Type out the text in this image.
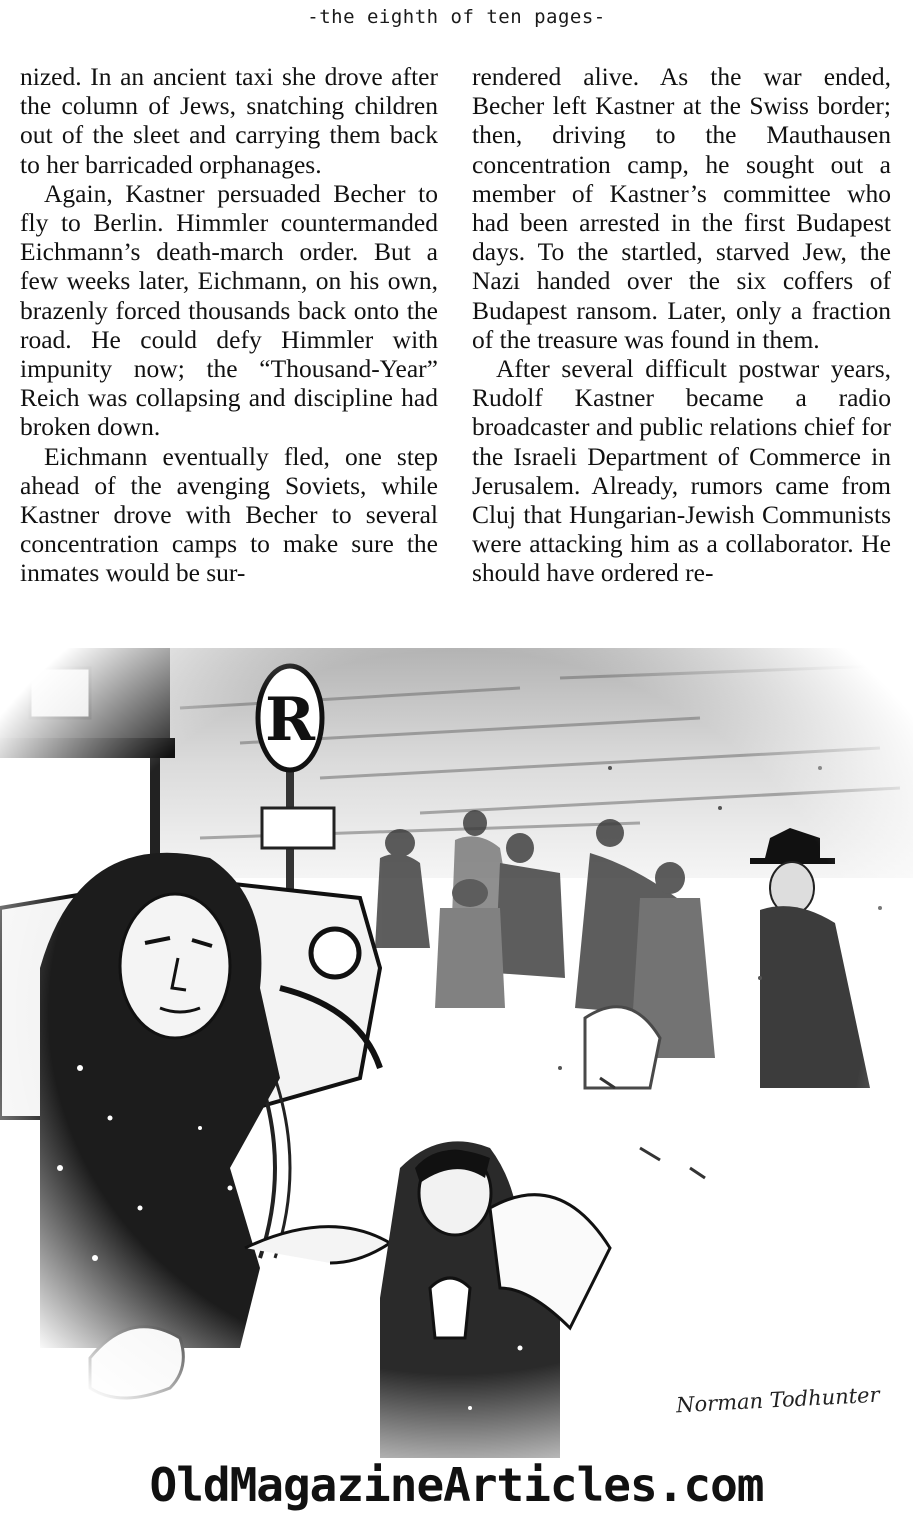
-the eighth of ten pages-

nized. In an ancient taxi she drove after the column of Jews, snatching children out of the sleet and carrying them back to her barricaded orphanages.

Again, Kastner persuaded Becher to fly to Berlin. Himmler countermanded Eichmann’s death-march order. But a few weeks later, Eichmann, on his own, brazenly forced thousands back onto the road. He could defy Himmler with impunity now; the “Thousand-Year” Reich was collapsing and discipline had broken down.

Eichmann eventually fled, one step ahead of the avenging Soviets, while Kastner drove with Becher to several concentration camps to make sure the inmates would be sur-

rendered alive. As the war ended, Becher left Kastner at the Swiss border; then, driving to the Mauthausen concentration camp, he sought out a member of Kastner’s committee who had been arrested in the first Budapest days. To the startled, starved Jew, the Nazi handed over the six coffers of Budapest ransom. Later, only a fraction of the treasure was found in them.

After several difficult postwar years, Rudolf Kastner became a radio broadcaster and public relations chief for the Israeli Department of Commerce in Jerusalem. Already, rumors came from Cluj that Hungarian-Jewish Communists were attacking him as a collaborator. He should have ordered re-

Norman Todhunter
OldMagazineArticles.com
